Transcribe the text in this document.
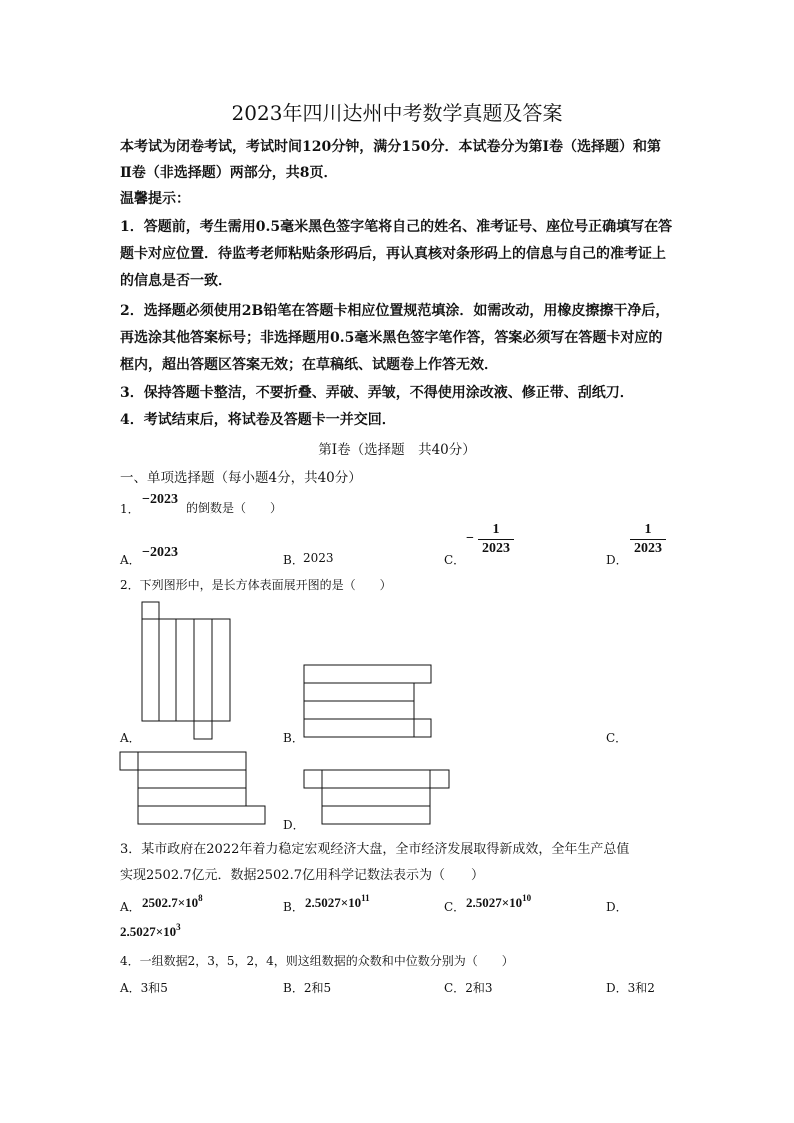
2023年四川达州中考数学真题及答案
本考试为闭卷考试，考试时间120分钟，满分150分．本试卷分为第Ⅰ卷（选择题）和第
Ⅱ卷（非选择题）两部分，共8页．
温馨提示：
1．答题前，考生需用0.5毫米黑色签字笔将自己的姓名、准考证号、座位号正确填写在答
题卡对应位置．待监考老师粘贴条形码后，再认真核对条形码上的信息与自己的准考证上
的信息是否一致．
2．选择题必须使用2B铅笔在答题卡相应位置规范填涂．如需改动，用橡皮擦擦干净后，
再选涂其他答案标号；非选择题用0.5毫米黑色签字笔作答，答案必须写在答题卡对应的
框内，超出答题区答案无效；在草稿纸、试题卷上作答无效．
3．保持答题卡整洁，不要折叠、弄破、弄皱，不得使用涂改液、修正带、刮纸刀．
4．考试结束后，将试卷及答题卡一并交回．
第Ⅰ卷（选择题　共40分）
一、单项选择题（每小题4分，共40分）
1．
−2023
的倒数是（　　）
A． −2023	B． 2023	C．
−
1
2023
D．
1
2023
2．下列图形中，是长方体表面展开图的是（　　）
A．	B．	C．
D．
3．某市政府在2022年着力稳定宏观经济大盘，全市经济发展取得新成效，全年生产总值
实现2502.7亿元．数据2502.7亿用科学记数法表示为（　　）
A． $2502.7\times 10^8$
B． $2.5027\times 10^{11}$
C． $2.5027\times 10^{10}$
D．
$2.5027\times 10^3$
4．一组数据2，3，5，2，4，则这组数据的众数和中位数分别为（　　）
A．3和5	B．2和5	C．2和3	D．3和2
